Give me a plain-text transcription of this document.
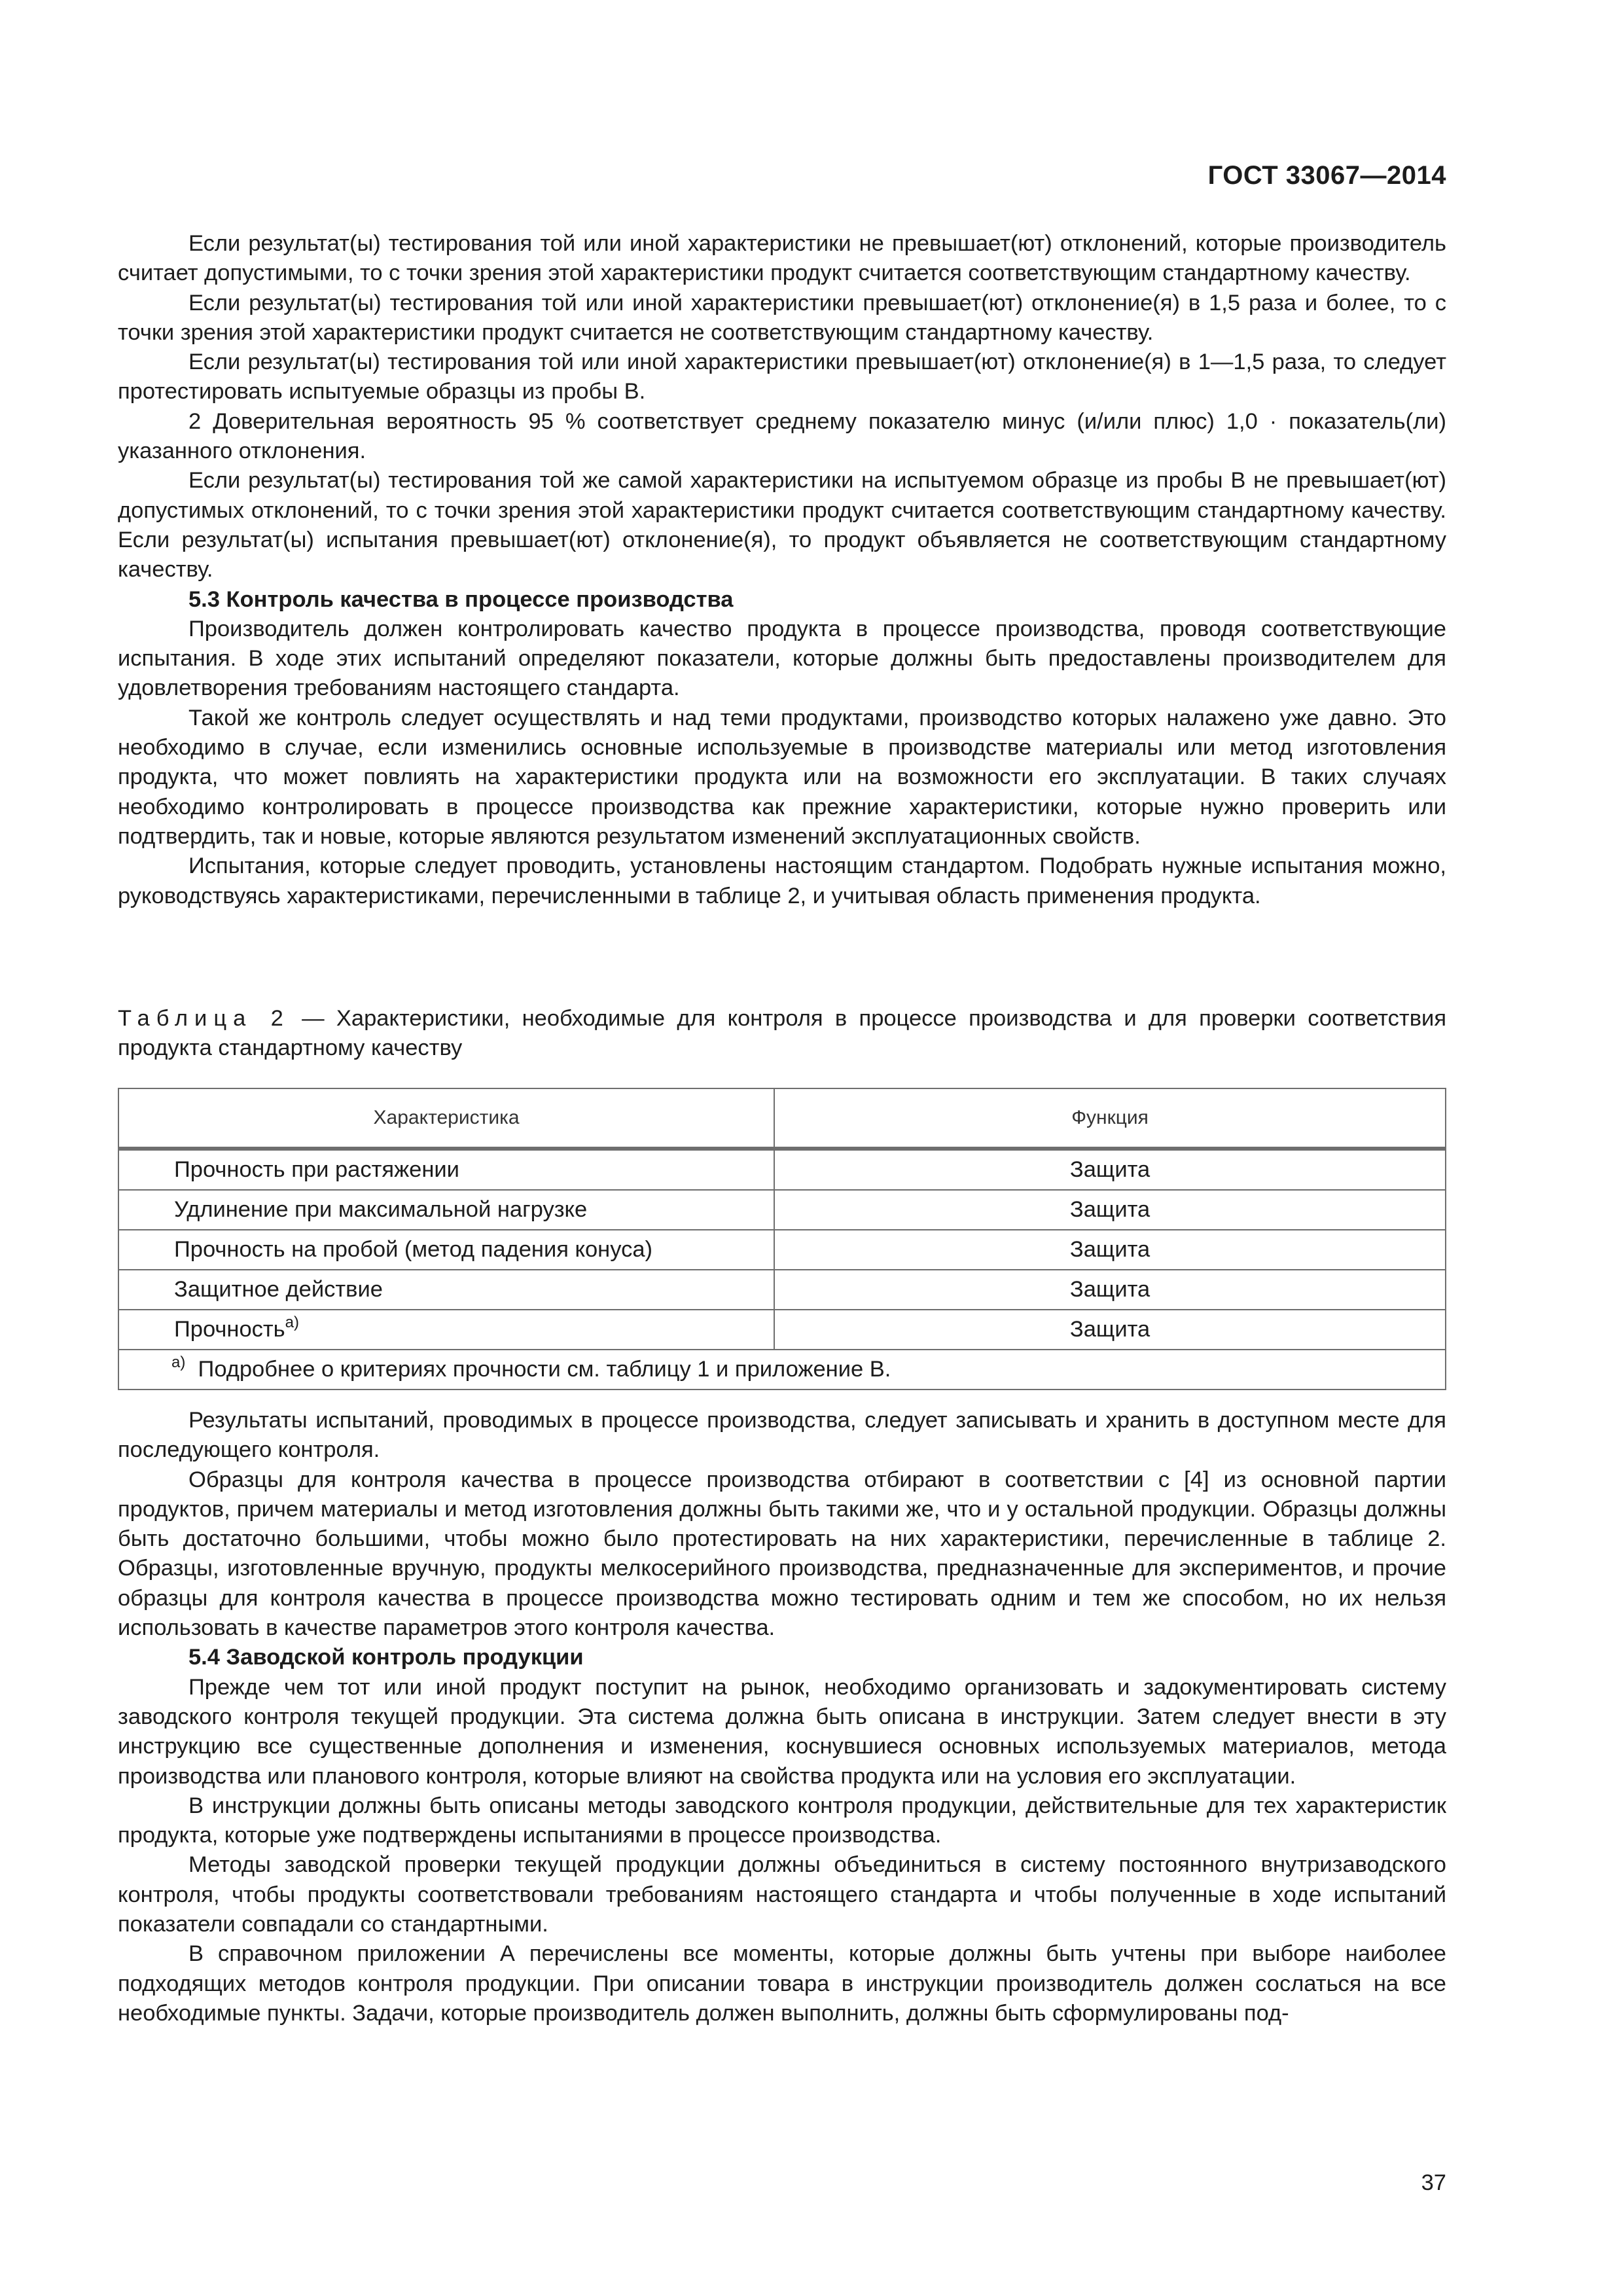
ГОСТ 33067—2014

Если результат(ы) тестирования той или иной характеристики не превышает(ют) отклонений, которые производитель считает допустимыми, то с точки зрения этой характеристики продукт считается соответствующим стандартному качеству.

Если результат(ы) тестирования той или иной характеристики превышает(ют) отклонение(я) в 1,5 раза и более, то с точки зрения этой характеристики продукт считается не соответствующим стандартному качеству.

Если результат(ы) тестирования той или иной характеристики превышает(ют) отклонение(я) в 1—1,5 раза, то следует протестировать испытуемые образцы из пробы В.

2 Доверительная вероятность 95 % соответствует среднему показателю минус (и/или плюс) 1,0 · показатель(ли) указанного отклонения.

Если результат(ы) тестирования той же самой характеристики на испытуемом образце из пробы В не превышает(ют) допустимых отклонений, то с точки зрения этой характеристики продукт считается соответствующим стандартному качеству. Если результат(ы) испытания превышает(ют) отклонение(я), то продукт объявляется не соответствующим стандартному качеству.

5.3 Контроль качества в процессе производства

Производитель должен контролировать качество продукта в процессе производства, проводя соответствующие испытания. В ходе этих испытаний определяют показатели, которые должны быть предоставлены производителем для удовлетворения требованиям настоящего стандарта.

Такой же контроль следует осуществлять и над теми продуктами, производство которых налажено уже давно. Это необходимо в случае, если изменились основные используемые в производстве материалы или метод изготовления продукта, что может повлиять на характеристики продукта или на возможности его эксплуатации. В таких случаях необходимо контролировать в процессе производства как прежние характеристики, которые нужно проверить или подтвердить, так и новые, которые являются результатом изменений эксплуатационных свойств.

Испытания, которые следует проводить, установлены настоящим стандартом. Подобрать нужные испытания можно, руководствуясь характеристиками, перечисленными в таблице 2, и учитывая область применения продукта.

Таблица 2 — Характеристики, необходимые для контроля в процессе производства и для проверки соответствия продукта стандартному качеству
Характеристика	Функция
Прочность при растяжении	Защита
Удлинение при максимальной нагрузке	Защита
Прочность на пробой (метод падения конуса)	Защита
Защитное действие	Защита
Прочность$^{а)}$	Защита
$^{а)}$ Подробнее о критериях прочности см. таблицу 1 и приложение В.	

Результаты испытаний, проводимых в процессе производства, следует записывать и хранить в доступном месте для последующего контроля.

Образцы для контроля качества в процессе производства отбирают в соответствии с [4] из основной партии продуктов, причем материалы и метод изготовления должны быть такими же, что и у остальной продукции. Образцы должны быть достаточно большими, чтобы можно было протестировать на них характеристики, перечисленные в таблице 2. Образцы, изготовленные вручную, продукты мелкосерийного производства, предназначенные для экспериментов, и прочие образцы для контроля качества в процессе производства можно тестировать одним и тем же способом, но их нельзя использовать в качестве параметров этого контроля качества.

5.4 Заводской контроль продукции

Прежде чем тот или иной продукт поступит на рынок, необходимо организовать и задокументировать систему заводского контроля текущей продукции. Эта система должна быть описана в инструкции. Затем следует внести в эту инструкцию все существенные дополнения и изменения, коснувшиеся основных используемых материалов, метода производства или планового контроля, которые влияют на свойства продукта или на условия его эксплуатации.

В инструкции должны быть описаны методы заводского контроля продукции, действительные для тех характеристик продукта, которые уже подтверждены испытаниями в процессе производства.

Методы заводской проверки текущей продукции должны объединиться в систему постоянного внутризаводского контроля, чтобы продукты соответствовали требованиям настоящего стандарта и чтобы полученные в ходе испытаний показатели совпадали со стандартными.

В справочном приложении А перечислены все моменты, которые должны быть учтены при выборе наиболее подходящих методов контроля продукции. При описании товара в инструкции производитель должен сослаться на все необходимые пункты. Задачи, которые производитель должен выполнить, должны быть сформулированы под-

37
